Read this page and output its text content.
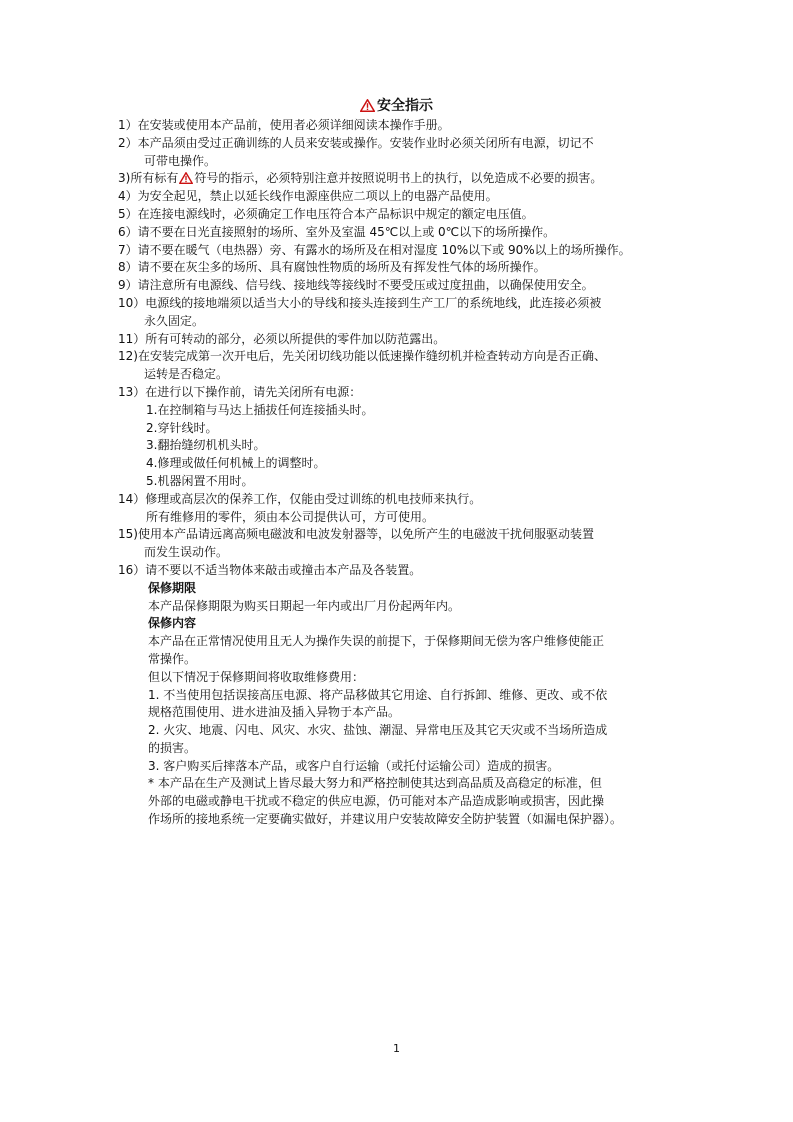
安全指示
1）在安装或使用本产品前，使用者必须详细阅读本操作手册。
2）本产品须由受过正确训练的人员来安装或操作。安装作业时必须关闭所有电源，切记不
可带电操作。
3)所有标有 符号的指示，必须特别注意并按照说明书上的执行，以免造成不必要的损害。
4）为安全起见，禁止以延长线作电源座供应二项以上的电器产品使用。
5）在连接电源线时，必须确定工作电压符合本产品标识中规定的额定电压值。
6）请不要在日光直接照射的场所、室外及室温 45℃以上或 0℃以下的场所操作。
7）请不要在暖气（电热器）旁、有露水的场所及在相对湿度 10%以下或 90%以上的场所操作。
8）请不要在灰尘多的场所、具有腐蚀性物质的场所及有挥发性气体的场所操作。
9）请注意所有电源线、信号线、接地线等接线时不要受压或过度扭曲，以确保使用安全。
10）电源线的接地端须以适当大小的导线和接头连接到生产工厂的系统地线，此连接必须被
永久固定。
11）所有可转动的部分，必须以所提供的零件加以防范露出。
12)在安装完成第一次开电后，先关闭切线功能以低速操作缝纫机并检查转动方向是否正确、
运转是否稳定。
13）在进行以下操作前，请先关闭所有电源：
1.在控制箱与马达上插拔任何连接插头时。
2.穿针线时。
3.翻抬缝纫机机头时。
4.修理或做任何机械上的调整时。
5.机器闲置不用时。
14）修理或高层次的保养工作，仅能由受过训练的机电技师来执行。
所有维修用的零件，须由本公司提供认可，方可使用。
15)使用本产品请远离高频电磁波和电波发射器等，以免所产生的电磁波干扰伺服驱动装置
而发生误动作。
16）请不要以不适当物体来敲击或撞击本产品及各装置。
保修期限
本产品保修期限为购买日期起一年内或出厂月份起两年内。
保修内容
本产品在正常情况使用且无人为操作失误的前提下，于保修期间无偿为客户维修使能正
常操作。
但以下情况于保修期间将收取维修费用：
1. 不当使用包括误接高压电源、将产品移做其它用途、自行拆卸、维修、更改、或不依
规格范围使用、进水进油及插入异物于本产品。
2. 火灾、地震、闪电、风灾、水灾、盐蚀、潮湿、异常电压及其它天灾或不当场所造成
的损害。
3. 客户购买后摔落本产品，或客户自行运输（或托付运输公司）造成的损害。
* 本产品在生产及测试上皆尽最大努力和严格控制使其达到高品质及高稳定的标准，但
外部的电磁或静电干扰或不稳定的供应电源，仍可能对本产品造成影响或损害，因此操
作场所的接地系统一定要确实做好，并建议用户安装故障安全防护装置（如漏电保护器）。
1
